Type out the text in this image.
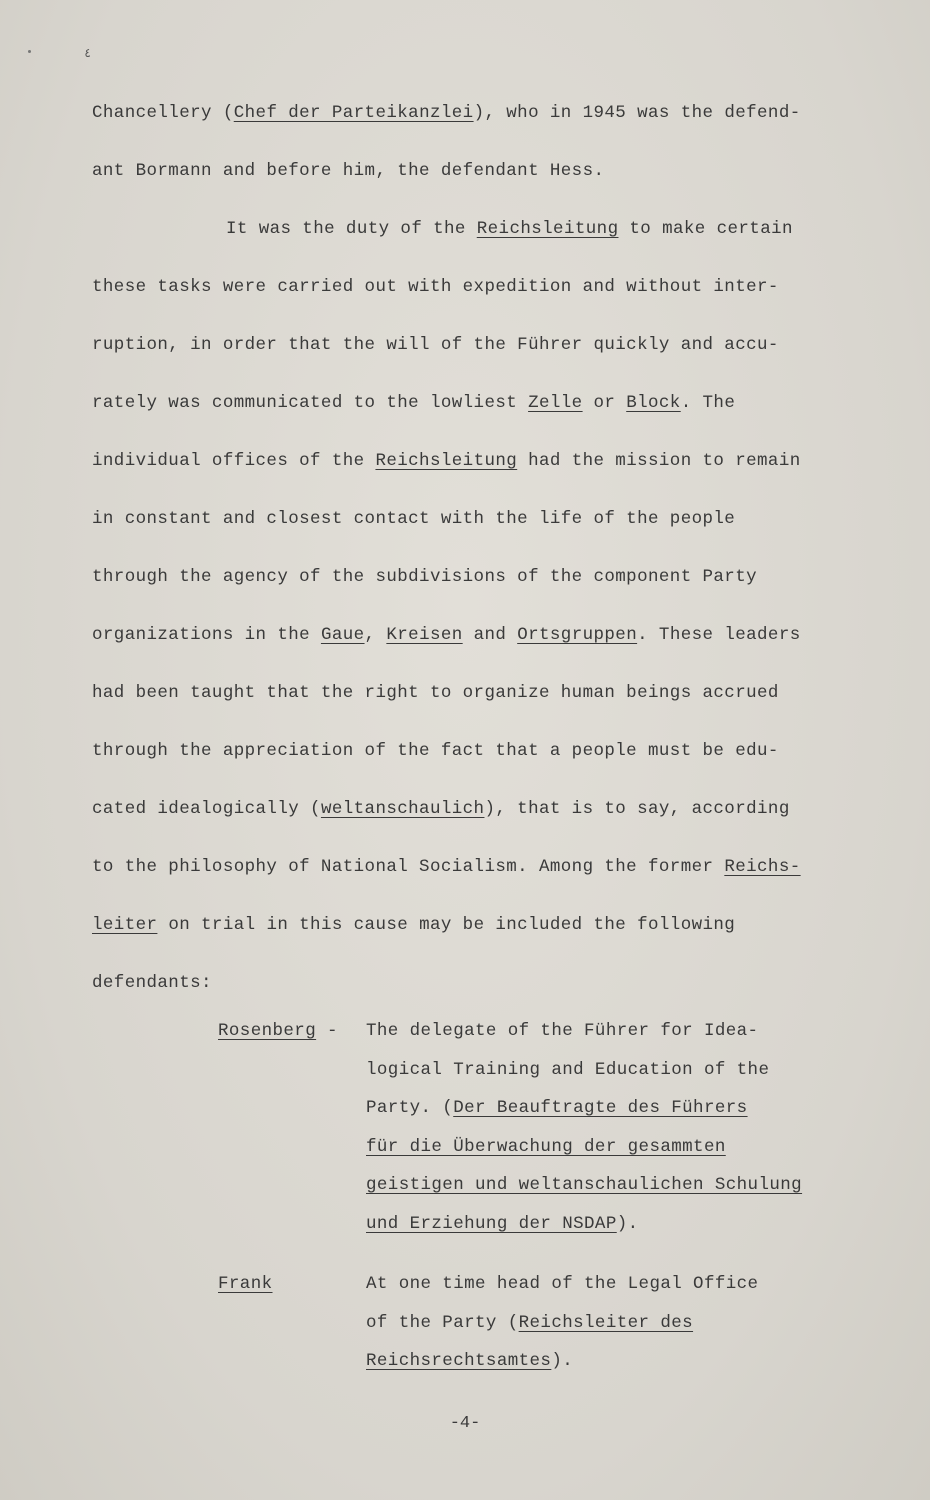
٤
Chancellery (Chef der Parteikanzlei), who in 1945 was the defend-
ant Bormann and before him, the defendant Hess.
It was the duty of the Reichsleitung to make certain
these tasks were carried out with expedition and without inter-
ruption, in order that the will of the Führer quickly and accu-
rately was communicated to the lowliest Zelle or Block. The
individual offices of the Reichsleitung had the mission to remain
in constant and closest contact with the life of the people
through the agency of the subdivisions of the component Party
organizations in the Gaue, Kreisen and Ortsgruppen. These leaders
had been taught that the right to organize human beings accrued
through the appreciation of the fact that a people must be edu-
cated idealogically (weltanschaulich), that is to say, according
to the philosophy of National Socialism. Among the former Reichs-
leiter on trial in this cause may be included the following
defendants:
Rosenberg -	The delegate of the Führer for Idea-
logical Training and Education of the
Party. (Der Beauftragte des Führers
für die Überwachung der gesammten
geistigen und weltanschaulichen Schulung
und Erziehung der NSDAP).
Frank	At one time head of the Legal Office
of the Party (Reichsleiter des
Reichsrechtsamtes).
-4-
